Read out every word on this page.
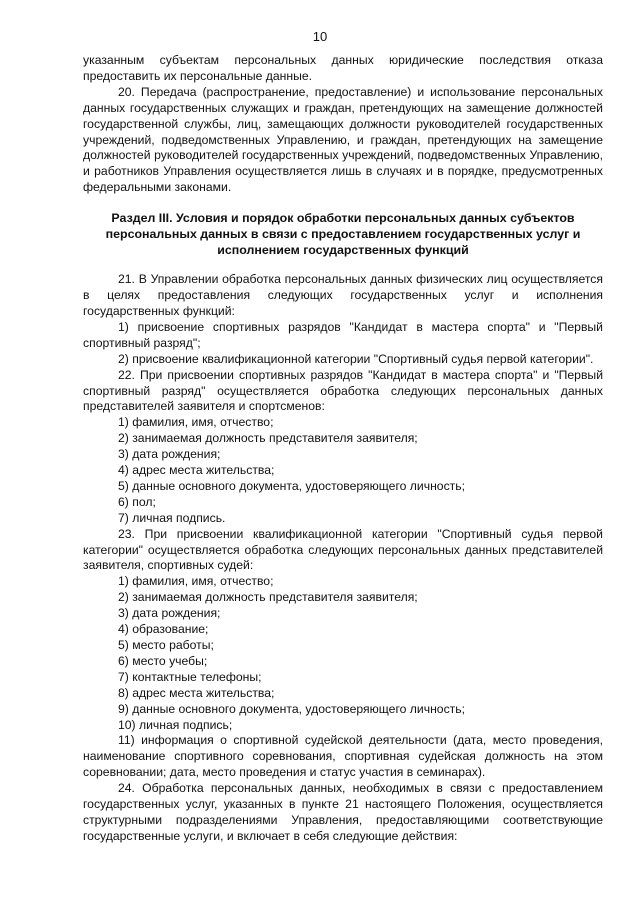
10

указанным субъектам персональных данных юридические последствия отказа предоставить их персональные данные.

20. Передача (распространение, предоставление) и использование персональных данных государственных служащих и граждан, претендующих на замещение должностей государственной службы, лиц, замещающих должности руководителей государственных учреждений, подведомственных Управлению, и граждан, претендующих на замещение должностей руководителей государственных учреждений, подведомственных Управлению, и работников Управления осуществляется лишь в случаях и в порядке, предусмотренных федеральными законами.

Раздел III. Условия и порядок обработки персональных данных субъектов персональных данных в связи с предоставлением государственных услуг и исполнением государственных функций

21. В Управлении обработка персональных данных физических лиц осуществляется в целях предоставления следующих государственных услуг и исполнения государственных функций:

1) присвоение спортивных разрядов "Кандидат в мастера спорта" и "Первый спортивный разряд";

2) присвоение квалификационной категории "Спортивный судья первой категории".

22. При присвоении спортивных разрядов "Кандидат в мастера спорта" и "Первый спортивный разряд" осуществляется обработка следующих персональных данных представителей заявителя и спортсменов:

1) фамилия, имя, отчество;

2) занимаемая должность представителя заявителя;

3) дата рождения;

4) адрес места жительства;

5) данные основного документа, удостоверяющего личность;

6) пол;

7) личная подпись.

23. При присвоении квалификационной категории "Спортивный судья первой категории" осуществляется обработка следующих персональных данных представителей заявителя, спортивных судей:

1) фамилия, имя, отчество;

2) занимаемая должность представителя заявителя;

3) дата рождения;

4) образование;

5) место работы;

6) место учебы;

7) контактные телефоны;

8) адрес места жительства;

9) данные основного документа, удостоверяющего личность;

10) личная подпись;

11) информация о спортивной судейской деятельности (дата, место проведения, наименование спортивного соревнования, спортивная судейская должность на этом соревновании; дата, место проведения и статус участия в семинарах).

24. Обработка персональных данных, необходимых в связи с предоставлением государственных услуг, указанных в пункте 21 настоящего Положения, осуществляется структурными подразделениями Управления, предоставляющими соответствующие государственные услуги, и включает в себя следующие действия:
